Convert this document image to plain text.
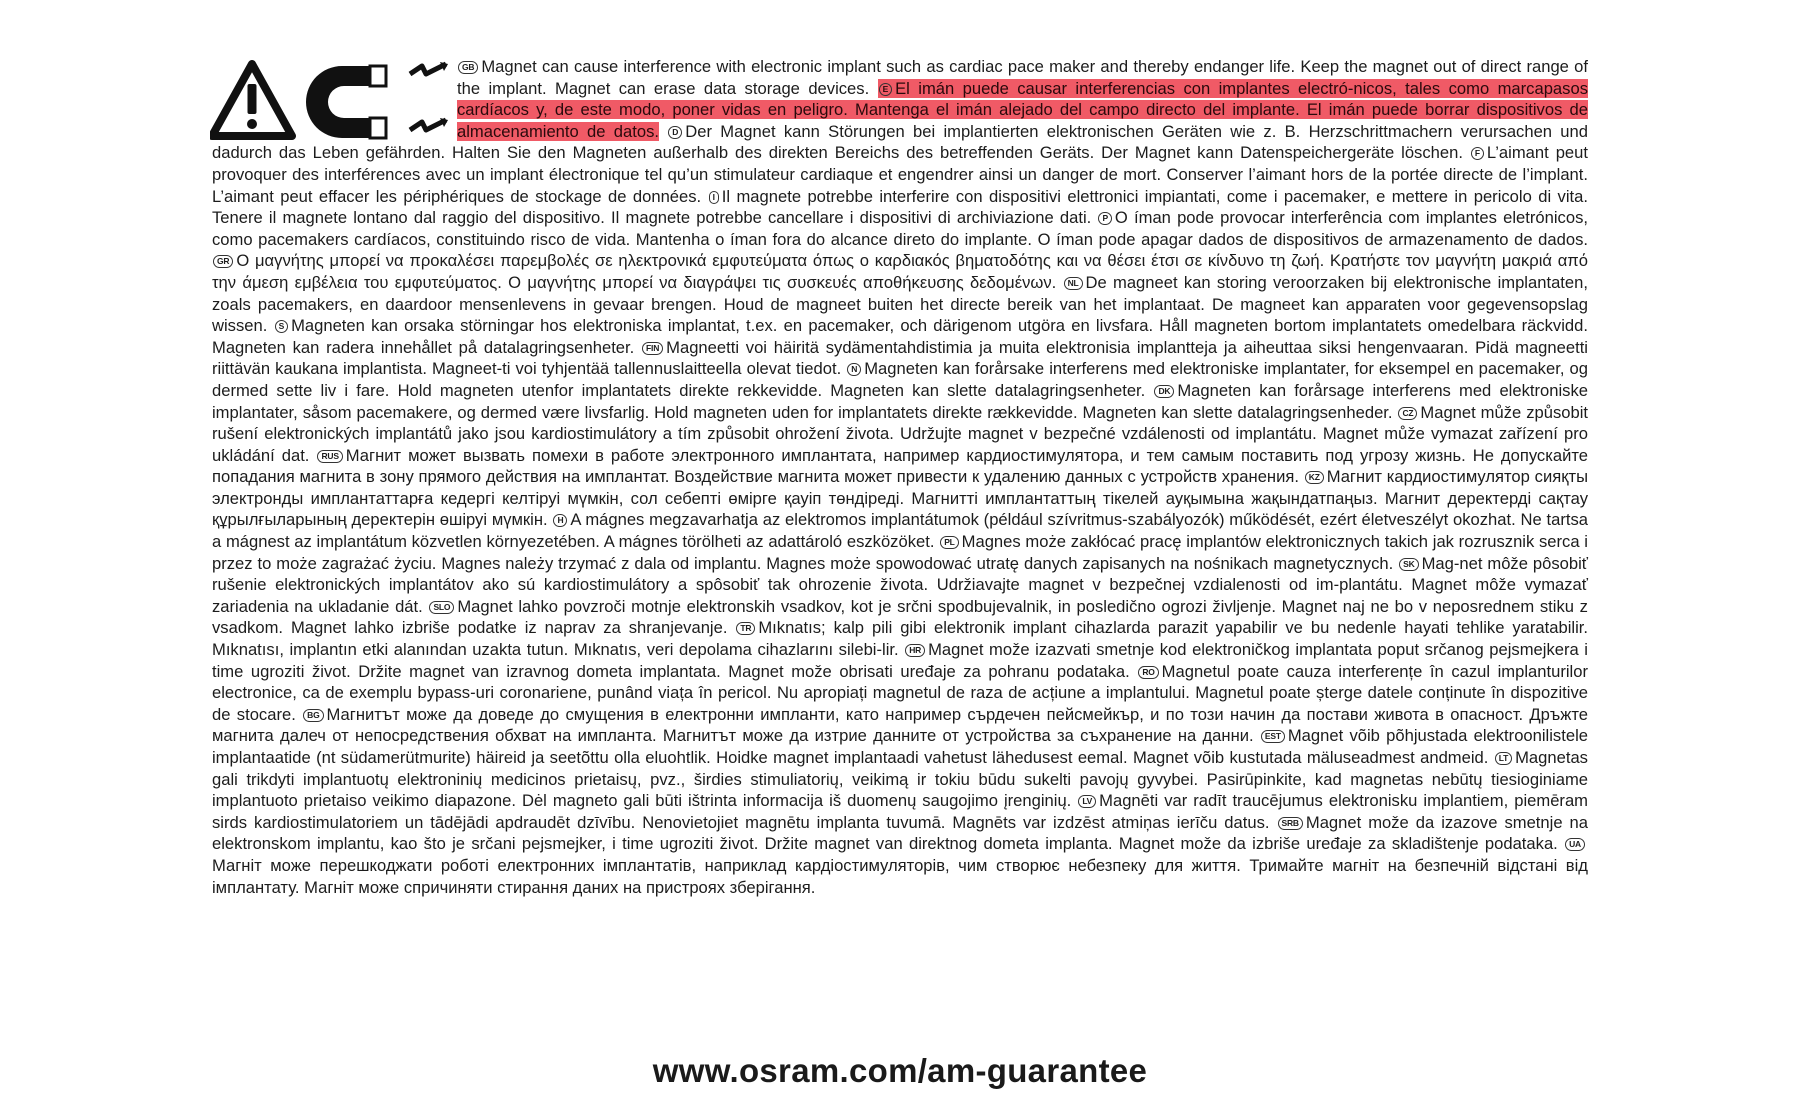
GB Magnet can cause interference with electronic implant such as cardiac pace maker and thereby endanger life. Keep the magnet out of direct range of the implant. Magnet can erase data storage devices. E El imán puede causar interferencias con implantes electró-nicos, tales como marcapasos cardíacos y, de este modo, poner vidas en peligro. Mantenga el imán alejado del campo directo del implante. El imán puede borrar dispositivos de almacenamiento de datos. D Der Magnet kann Störungen bei implantierten elektronischen Geräten wie z. B. Herzschrittmachern verursachen und dadurch das Leben gefährden. Halten Sie den Magneten außerhalb des direkten Bereichs des betreffenden Geräts. Der Magnet kann Datenspeichergeräte löschen. F L’aimant peut provoquer des interférences avec un implant électronique tel qu’un stimulateur cardiaque et engendrer ainsi un danger de mort. Conserver l’aimant hors de la portée directe de l’implant. L’aimant peut effacer les périphériques de stockage de données. I Il magnete potrebbe interferire con dispositivi elettronici impiantati, come i pacemaker, e mettere in pericolo di vita. Tenere il magnete lontano dal raggio del dispositivo. Il magnete potrebbe cancellare i dispositivi di archiviazione dati. P O íman pode provocar interferência com implantes eletrónicos, como pacemakers cardíacos, constituindo risco de vida. Mantenha o íman fora do alcance direto do implante. O íman pode apagar dados de dispositivos de armazenamento de dados. GR Ο μαγνήτης μπορεί να προκαλέσει παρεμβολές σε ηλεκτρονικά εμφυτεύματα όπως ο καρδιακός βηματοδότης και να θέσει έτσι σε κίνδυνο τη ζωή. Κρατήστε τον μαγνήτη μακριά από την άμεση εμβέλεια του εμφυτεύματος. Ο μαγνήτης μπορεί να διαγράψει τις συσκευές αποθήκευσης δεδομένων. NL De magneet kan storing veroorzaken bij elektronische implantaten, zoals pacemakers, en daardoor mensenlevens in gevaar brengen. Houd de magneet buiten het directe bereik van het implantaat. De magneet kan apparaten voor gegevensopslag wissen. S Magneten kan orsaka störningar hos elektroniska implantat, t.ex. en pacemaker, och därigenom utgöra en livsfara. Håll magneten bortom implantatets omedelbara räckvidd. Magneten kan radera innehållet på datalagringsenheter. FIN Magneetti voi häiritä sydämentahdistimia ja muita elektronisia implantteja ja aiheuttaa siksi hengenvaaran. Pidä magneetti riittävän kaukana implantista. Magneet-ti voi tyhjentää tallennuslaitteella olevat tiedot. N Magneten kan forårsake interferens med elektroniske implantater, for eksempel en pacemaker, og dermed sette liv i fare. Hold magneten utenfor implantatets direkte rekkevidde. Magneten kan slette datalagringsenheter. DK Magneten kan forårsage interferens med elektroniske implantater, såsom pacemakere, og dermed være livsfarlig. Hold magneten uden for implantatets direkte rækkevidde. Magneten kan slette datalagringsenheder. CZ Magnet může způsobit rušení elektronických implantátů jako jsou kardiostimulátory a tím způsobit ohrožení života. Udržujte magnet v bezpečné vzdálenosti od implantátu. Magnet může vymazat zařízení pro ukládání dat. RUS Магнит может вызвать помехи в работе электронного имплантата, например кардиостимулятора, и тем самым поставить под угрозу жизнь. Не допускайте попадания магнита в зону прямого действия на имплантат. Воздействие магнита может привести к удалению данных с устройств хранения. KZ Магнит кардиостимулятор сияқты электронды имплантаттарға кедергі келтіруі мүмкін, сол себепті өмірге қауіп төндіреді. Магнитті имплантаттың тікелей ауқымына жақындатпаңыз. Магнит деректерді сақтау құрылғыларының деректерін өшіруі мүмкін. H A mágnes megzavarhatja az elektromos implantátumok (például szívritmus-szabályozók) működését, ezért életveszélyt okozhat. Ne tartsa a mágnest az implantátum közvetlen környezetében. A mágnes törölheti az adattároló eszközöket. PL Magnes może zakłócać pracę implantów elektronicznych takich jak rozrusznik serca i przez to może zagrażać życiu. Magnes należy trzymać z dala od implantu. Magnes może spowodować utratę danych zapisanych na nośnikach magnetycznych. SK Mag-net môže pôsobiť rušenie elektronických implantátov ako sú kardiostimulátory a spôsobiť tak ohrozenie života. Udržiavajte magnet v bezpečnej vzdialenosti od im-plantátu. Magnet môže vymazať zariadenia na ukladanie dát. SLO Magnet lahko povzroči motnje elektronskih vsadkov, kot je srčni spodbujevalnik, in posledično ogrozi življenje. Magnet naj ne bo v neposrednem stiku z vsadkom. Magnet lahko izbriše podatke iz naprav za shranjevanje. TR Mıknatıs; kalp pili gibi elektronik implant cihazlarda parazit yapabilir ve bu nedenle hayati tehlike yaratabilir. Mıknatısı, implantın etki alanından uzakta tutun. Mıknatıs, veri depolama cihazlarını silebi-lir. HR Magnet može izazvati smetnje kod elektroničkog implantata poput srčanog pejsmejkera i time ugroziti život. Držite magnet van izravnog dometa implantata. Magnet može obrisati uređaje za pohranu podataka. RO Magnetul poate cauza interferențe în cazul implanturilor electronice, ca de exemplu bypass-uri coronariene, punând viața în pericol. Nu apropiați magnetul de raza de acțiune a implantului. Magnetul poate șterge datele conținute în dispozitive de stocare. BG Магнитът може да доведе до смущения в електронни импланти, като например сърдечен пейсмейкър, и по този начин да постави живота в опасност. Дръжте магнита далеч от непосредствения обхват на импланта. Магнитът може да изтрие данните от устройства за съхранение на данни. EST Magnet võib põhjustada elektroonilistele implantaatide (nt südamerütmurite) häireid ja seetõttu olla eluohtlik. Hoidke magnet implantaadi vahetust lähedusest eemal. Magnet võib kustutada mäluseadmest andmeid. LT Magnetas gali trikdyti implantuotų elektroninių medicinos prietaisų, pvz., širdies stimuliatorių, veikimą ir tokiu būdu sukelti pavojų gyvybei. Pasirūpinkite, kad magnetas nebūtų tiesioginiame implantuoto prietaiso veikimo diapazone. Dėl magneto gali būti ištrinta informacija iš duomenų saugojimo įrenginių. LV Magnēti var radīt traucējumus elektronisku implantiem, piemēram sirds kardiostimulatoriem un tādējādi apdraudēt dzīvību. Nenovietojiet magnētu implanta tuvumā. Magnēts var izdzēst atmiņas ierīču datus. SRB Magnet može da izazove smetnje na elektronskom implantu, kao što je srčani pejsmejker, i time ugroziti život. Držite magnet van direktnog dometa implanta. Magnet može da izbriše uređaje za skladištenje podataka. UAМагніт може перешкоджати роботі електронних імплантатів, наприклад кардіостимуляторів, чим створює небезпеку для життя. Тримайте магніт на безпечній відстані від імплантату. Магніт може спричиняти стирання даних на пристроях зберігання.
www.osram.com/am-guarantee
